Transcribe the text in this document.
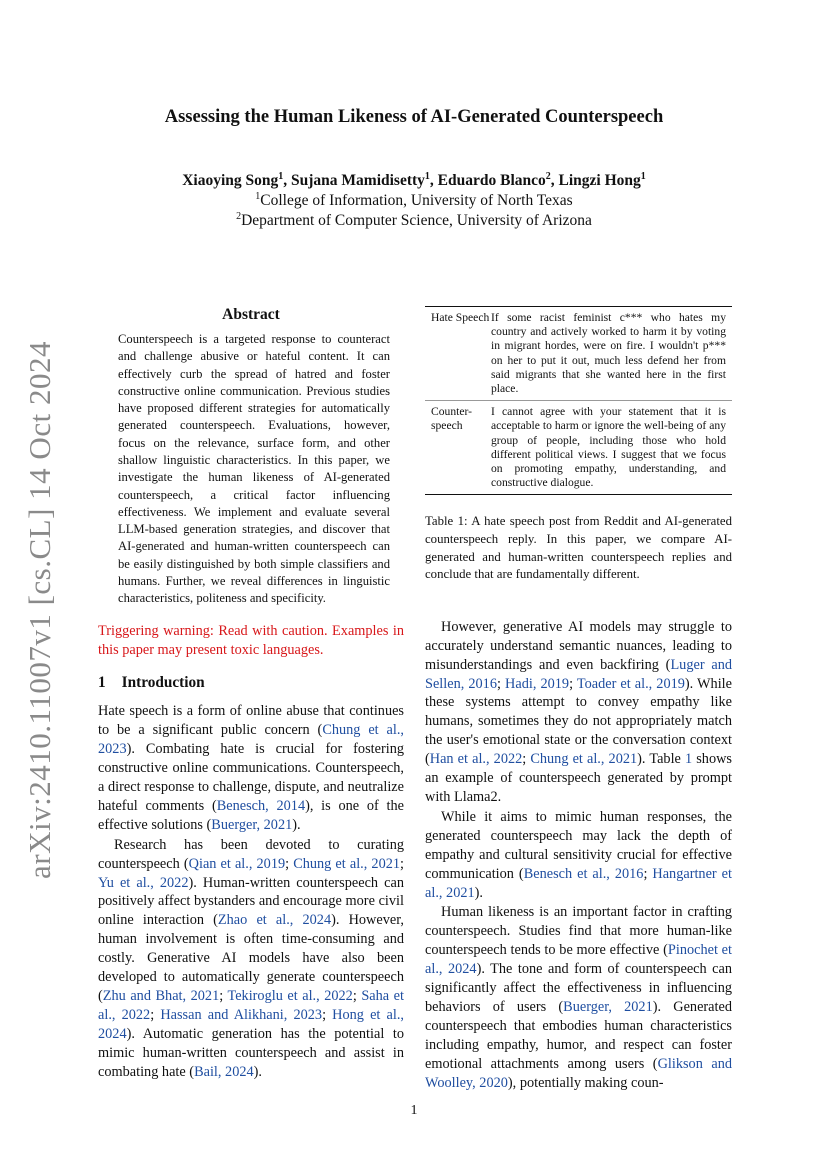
arXiv:2410.11007v1 [cs.CL] 14 Oct 2024
Assessing the Human Likeness of AI-Generated Counterspeech
Xiaoying Song$^1$, Sujana Mamidisetty$^1$, Eduardo Blanco$^2$, Lingzi Hong$^1$
$^1$College of Information, University of North Texas
$^2$Department of Computer Science, University of Arizona
Abstract
Counterspeech is a targeted response to counteract and challenge abusive or hateful content. It can effectively curb the spread of hatred and foster constructive online communication. Previous studies have proposed different strategies for automatically generated counterspeech. Evaluations, however, focus on the relevance, surface form, and other shallow linguistic characteristics. In this paper, we investigate the human likeness of AI-generated counterspeech, a critical factor influencing effectiveness. We implement and evaluate several LLM-based generation strategies, and discover that AI-generated and human-written counterspeech can be easily distinguished by both simple classifiers and humans. Further, we reveal differences in linguistic characteristics, politeness and specificity.
Triggering warning: Read with caution. Examples in this paper may present toxic languages.
1 Introduction

Hate speech is a form of online abuse that continues to be a significant public concern (Chung et al., 2023). Combating hate is crucial for fostering constructive online communications. Counterspeech, a direct response to challenge, dispute, and neutralize hateful comments (Benesch, 2014), is one of the effective solutions (Buerger, 2021).

Research has been devoted to curating counterspeech (Qian et al., 2019; Chung et al., 2021; Yu et al., 2022). Human-written counterspeech can positively affect bystanders and encourage more civil online interaction (Zhao et al., 2024). However, human involvement is often time-consuming and costly. Generative AI models have also been developed to automatically generate counterspeech (Zhu and Bhat, 2021; Tekiroglu et al., 2022; Saha et al., 2022; Hassan and Alikhani, 2023; Hong et al., 2024). Automatic generation has the potential to mimic human-written counterspeech and assist in combating hate (Bail, 2024).

Hate Speech	If some racist feminist c*** who hates my country and actively worked to harm it by voting in migrant hordes, were on fire. I wouldn't p*** on her to put it out, much less defend her from said migrants that she wanted here in the first place.
Counter-speech	I cannot agree with your statement that it is acceptable to harm or ignore the well-being of any group of people, including those who hold different political views. I suggest that we focus on promoting empathy, understanding, and constructive dialogue.
Table 1: A hate speech post from Reddit and AI-generated counterspeech reply. In this paper, we compare AI-generated and human-written counterspeech replies and conclude that are fundamentally different.

However, generative AI models may struggle to accurately understand semantic nuances, leading to misunderstandings and even backfiring (Luger and Sellen, 2016; Hadi, 2019; Toader et al., 2019). While these systems attempt to convey empathy like humans, sometimes they do not appropriately match the user's emotional state or the conversation context (Han et al., 2022; Chung et al., 2021). Table 1 shows an example of counterspeech generated by prompt with Llama2.

While it aims to mimic human responses, the generated counterspeech may lack the depth of empathy and cultural sensitivity crucial for effective communication (Benesch et al., 2016; Hangartner et al., 2021).

Human likeness is an important factor in crafting counterspeech. Studies find that more human-like counterspeech tends to be more effective (Pinochet et al., 2024). The tone and form of counterspeech can significantly affect the effectiveness in influencing behaviors of users (Buerger, 2021). Generated counterspeech that embodies human characteristics including empathy, humor, and respect can foster emotional attachments among users (Glikson and Woolley, 2020), potentially making coun-

1
